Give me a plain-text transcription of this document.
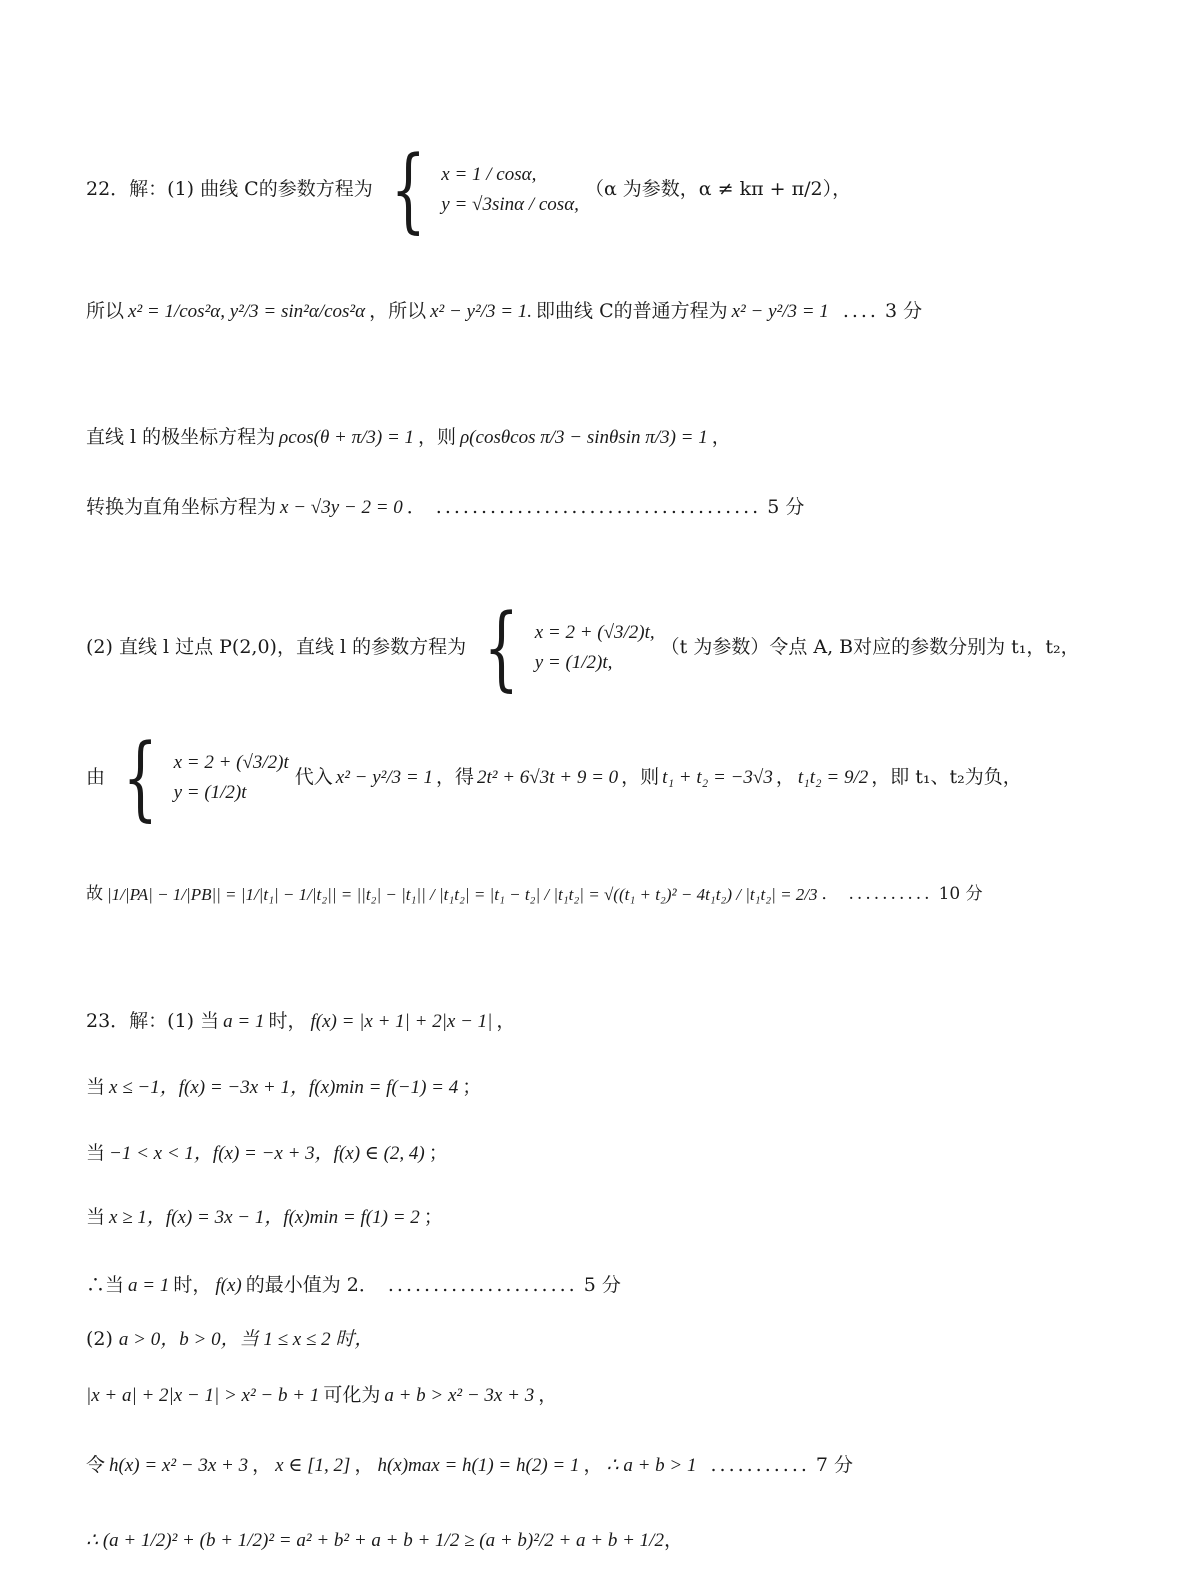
22．解：(1) 曲线 C的参数方程为 { x = 1 / cosα,
y = √3sinα / cosα,
（α 为参数，α ≠ kπ + π/2），
所以 x² = 1/cos²α, y²/3 = sin²α/cos²α ，所以 x² − y²/3 = 1. 即曲线 C的普通方程为 x² − y²/3 = 1 .... 3 分
直线 l 的极坐标方程为 ρcos(θ + π/3) = 1 ，则 ρ(cosθcos π/3 − sinθsin π/3) = 1 ，
转换为直角坐标方程为 x − √3y − 2 = 0 ． .................................... 5 分
(2) 直线 l 过点 P(2,0)，直线 l 的参数方程为 { x = 2 + (√3/2)t,
y = (1/2)t,
（t 为参数）令点 A, B对应的参数分别为 t₁，t₂，
由 { x = 2 + (√3/2)t
y = (1/2)t
代入 x² − y²/3 = 1 ，得 2t² + 6√3t + 9 = 0 ，则 t₁ + t₂ = −3√3 ， t₁t₂ = 9/2 ，即 t₁、t₂为负，
故 |1/|PA| − 1/|PB|| = |1/|t₁| − 1/|t₂|| = ||t₂| − |t₁|| / |t₁t₂| = |t₁ − t₂| / |t₁t₂| = √((t₁ + t₂)² − 4t₁t₂) / |t₁t₂| = 2/3 ． .......... 10 分
23．解：(1) 当 a = 1 时， f(x) = |x + 1| + 2|x − 1| ，
当 x ≤ −1，f(x) = −3x + 1，f(x)min = f(−1) = 4 ；
当 −1 < x < 1，f(x) = −x + 3，f(x) ∈ (2, 4) ；
当 x ≥ 1，f(x) = 3x − 1，f(x)min = f(1) = 2 ；
∴当 a = 1 时， f(x) 的最小值为 2． ..................... 5 分
(2) a > 0，b > 0，当 1 ≤ x ≤ 2 时，
|x + a| + 2|x − 1| > x² − b + 1 可化为 a + b > x² − 3x + 3 ，
令 h(x) = x² − 3x + 3 ， x ∈ [1, 2] ， h(x)max = h(1) = h(2) = 1 ， ∴ a + b > 1 ........... 7 分
∴ (a + 1/2)² + (b + 1/2)² = a² + b² + a + b + 1/2 ≥ (a + b)²/2 + a + b + 1/2 ，
